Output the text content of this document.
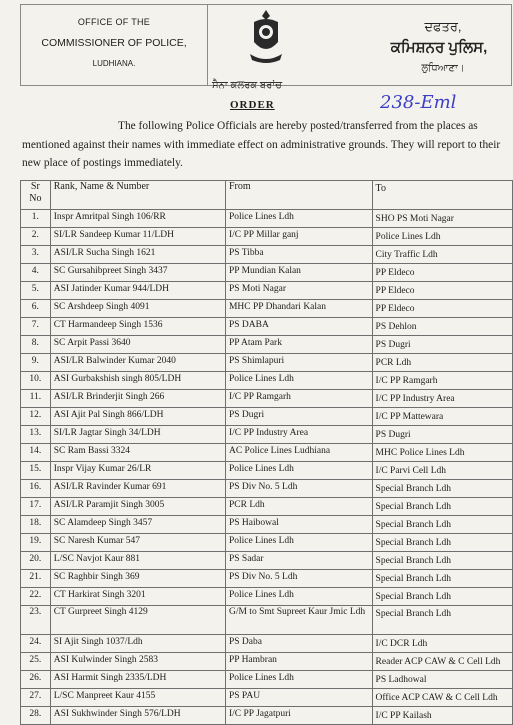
OFFICE OF THE
COMMISSIONER OF POLICE,
LUDHIANA.
ਦਫਤਰ,
ਕਮਿਸ਼ਨਰ ਪੁਲਿਸ,
ਲੁਧਿਆਣਾ।
ਸੈਨਾ ਕਲਰਕ ਬਰਾਂਚ
ORDER	238-Eml
The following Police Officials are hereby posted/transferred from the places as mentioned against their names with immediate effect on administrative grounds. They will report to their new place of postings immediately.
Sr No	Rank, Name & Number	From	To
1.	Inspr Amritpal Singh 106/RR	Police Lines Ldh	SHO PS Moti Nagar
2.	SI/LR Sandeep Kumar 11/LDH	I/C PP Millar ganj	Police Lines Ldh
3.	ASI/LR Sucha Singh 1621	PS Tibba	City Traffic Ldh
4.	SC Gursahibpreet Singh 3437	PP Mundian Kalan	PP Eldeco
5.	ASI Jatinder Kumar 944/LDH	PS Moti Nagar	PP Eldeco
6.	SC Arshdeep Singh 4091	MHC PP Dhandari Kalan	PP Eldeco
7.	CT Harmandeep Singh 1536	PS DABA	PS Dehlon
8.	SC Arpit Passi 3640	PP Atam Park	PS Dugri
9.	ASI/LR Balwinder Kumar 2040	PS Shimlapuri	PCR Ldh
10.	ASI Gurbakshish singh 805/LDH	Police Lines Ldh	I/C PP Ramgarh
11.	ASI/LR Brinderjit Singh 266	I/C PP Ramgarh	I/C PP Industry Area
12.	ASI Ajit Pal Singh 866/LDH	PS Dugri	I/C PP Mattewara
13.	SI/LR Jagtar Singh 34/LDH	I/C PP Industry Area	PS Dugri
14.	SC Ram Bassi 3324	AC Police Lines Ludhiana	MHC Police Lines Ldh
15.	Inspr Vijay Kumar 26/LR	Police Lines Ldh	I/C Parvi Cell Ldh
16.	ASI/LR Ravinder Kumar 691	PS Div No. 5 Ldh	Special Branch Ldh
17.	ASI/LR Paramjit Singh 3005	PCR Ldh	Special Branch Ldh
18.	SC Alamdeep Singh 3457	PS Haibowal	Special Branch Ldh
19.	SC Naresh Kumar 547	Police Lines Ldh	Special Branch Ldh
20.	L/SC Navjot Kaur 881	PS Sadar	Special Branch Ldh
21.	SC Raghbir Singh 369	PS Div No. 5 Ldh	Special Branch Ldh
22.	CT Harkirat Singh 3201	Police Lines Ldh	Special Branch Ldh
23.	CT Gurpreet Singh 4129	G/M to Smt Supreet Kaur Jmic Ldh	Special Branch Ldh
24.	SI Ajit Singh 1037/Ldh	PS Daba	I/C DCR Ldh
25.	ASI Kulwinder Singh 2583	PP Hambran	Reader ACP CAW & C Cell Ldh
26.	ASI Harmit Singh 2335/LDH	Police Lines Ldh	PS Ladhowal
27.	L/SC Manpreet Kaur 4155	PS PAU	Office ACP CAW & C Cell Ldh
28.	ASI Sukhwinder Singh 576/LDH	I/C PP Jagatpuri	I/C PP Kailash
